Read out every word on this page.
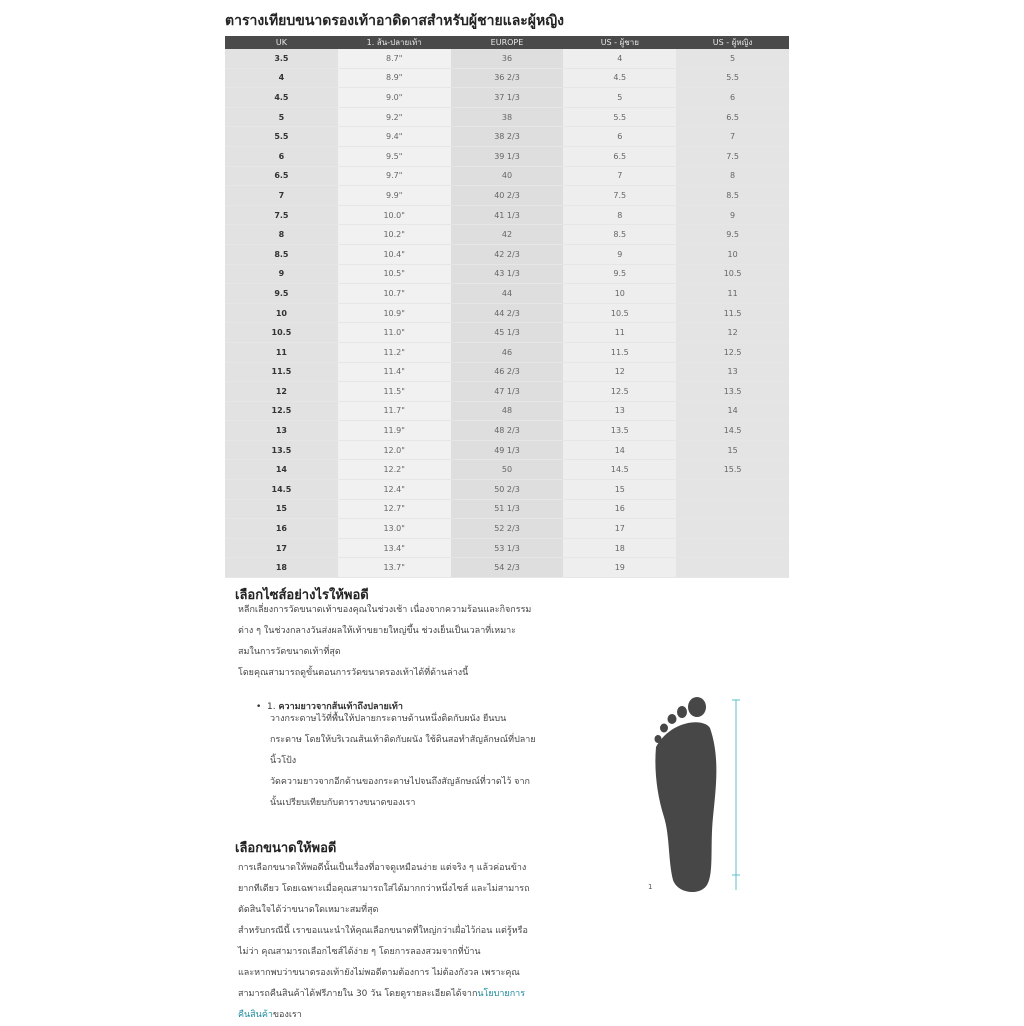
ตารางเทียบขนาดรองเท้าอาดิดาสสำหรับผู้ชายและผู้หญิง
UK	1. ส้น-ปลายเท้า	EUROPE	US - ผู้ชาย	US - ผู้หญิง
3.5	8.7"	36	4	5
4	8.9"	36 2/3	4.5	5.5
4.5	9.0"	37 1/3	5	6
5	9.2"	38	5.5	6.5
5.5	9.4"	38 2/3	6	7
6	9.5"	39 1/3	6.5	7.5
6.5	9.7"	40	7	8
7	9.9"	40 2/3	7.5	8.5
7.5	10.0"	41 1/3	8	9
8	10.2"	42	8.5	9.5
8.5	10.4"	42 2/3	9	10
9	10.5"	43 1/3	9.5	10.5
9.5	10.7"	44	10	11
10	10.9"	44 2/3	10.5	11.5
10.5	11.0"	45 1/3	11	12
11	11.2"	46	11.5	12.5
11.5	11.4"	46 2/3	12	13
12	11.5"	47 1/3	12.5	13.5
12.5	11.7"	48	13	14
13	11.9"	48 2/3	13.5	14.5
13.5	12.0"	49 1/3	14	15
14	12.2"	50	14.5	15.5
14.5	12.4"	50 2/3	15	
15	12.7"	51 1/3	16	
16	13.0"	52 2/3	17	
17	13.4"	53 1/3	18	
18	13.7"	54 2/3	19	
เลือกไซส์อย่างไรให้พอดี

หลีกเลี่ยงการวัดขนาดเท้าของคุณในช่วงเช้า เนื่องจากความร้อนและกิจกรรม

ต่าง ๆ ในช่วงกลางวันส่งผลให้เท้าขยายใหญ่ขึ้น ช่วงเย็นเป็นเวลาที่เหมาะ

สมในการวัดขนาดเท้าที่สุด

โดยคุณสามารถดูขั้นตอนการวัดขนาดรองเท้าได้ที่ด้านล่างนี้

•  1. ความยาวจากส้นเท้าถึงปลายเท้า

วางกระดาษไว้ที่พื้นให้ปลายกระดาษด้านหนึ่งติดกับผนัง ยืนบน

กระดาษ โดยให้บริเวณส้นเท้าติดกับผนัง ใช้ดินสอทำสัญลักษณ์ที่ปลาย

นิ้วโป้ง

วัดความยาวจากอีกด้านของกระดาษไปจนถึงสัญลักษณ์ที่วาดไว้ จาก

นั้นเปรียบเทียบกับตารางขนาดของเรา

1
เลือกขนาดให้พอดี

การเลือกขนาดให้พอดีนั้นเป็นเรื่องที่อาจดูเหมือนง่าย แต่จริง ๆ แล้วค่อนข้าง

ยากทีเดียว โดยเฉพาะเมื่อคุณสามารถใส่ได้มากกว่าหนึ่งไซส์ และไม่สามารถ

ตัดสินใจได้ว่าขนาดใดเหมาะสมที่สุด

สำหรับกรณีนี้ เราขอแนะนำให้คุณเลือกขนาดที่ใหญ่กว่าเผื่อไว้ก่อน แต่รู้หรือ

ไม่ว่า คุณสามารถเลือกไซส์ได้ง่าย ๆ โดยการลองสวมจากที่บ้าน

และหากพบว่าขนาดรองเท้ายังไม่พอดีตามต้องการ ไม่ต้องกังวล เพราะคุณ

สามารถคืนสินค้าได้ฟรีภายใน 30 วัน โดยดูรายละเอียดได้จากนโยบายการ

คืนสินค้าของเรา
